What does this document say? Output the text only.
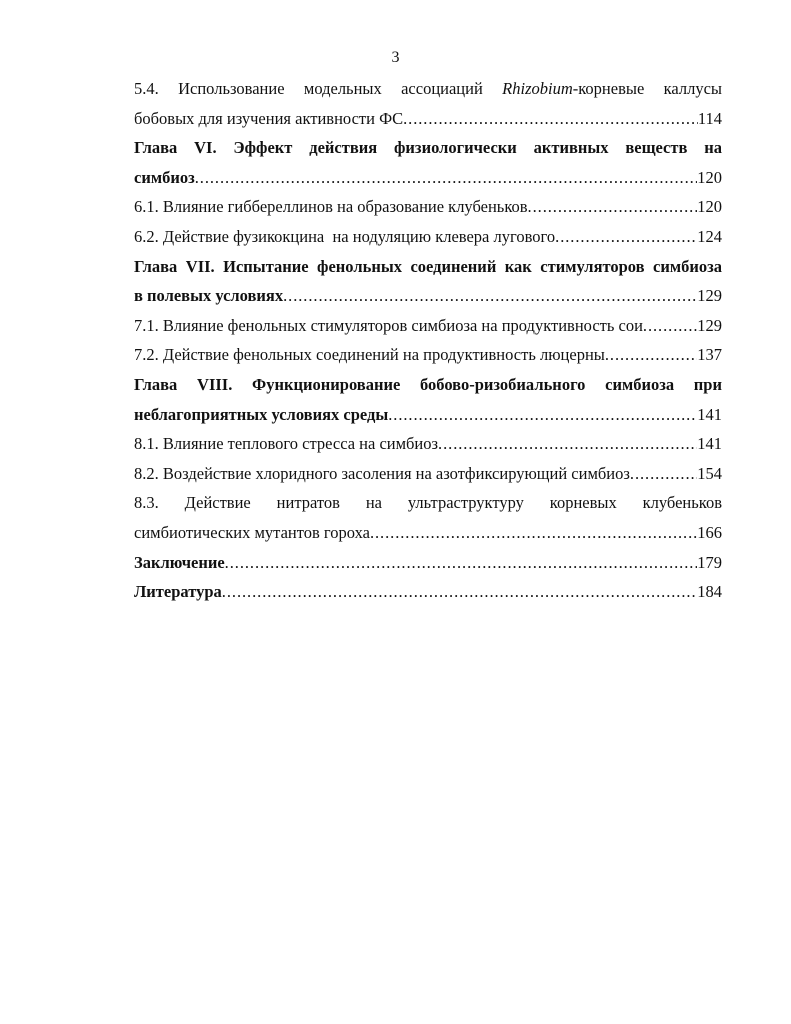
3
5.4. Использование модельных ассоциаций Rhizobium-корневые каллусы
бобовых для изучения активности ФС . . .	114
Глава VI. Эффект действия физиологически активных веществ на
симбиоз . . .	120
6.1. Влияние гиббереллинов на образование клубеньков . . .	120
6.2. Действие фузикокцина  на нодуляцию клевера лугового . . .	124
Глава VII. Испытание фенольных соединений как стимуляторов симбиоза
в полевых условиях . . .	129
7.1. Влияние фенольных стимуляторов симбиоза на продуктивность сои . . .	129
7.2. Действие фенольных соединений на продуктивность люцерны . . .	137
Глава VIII. Функционирование бобово-ризобиального симбиоза при
неблагоприятных условиях среды . . .	141
8.1. Влияние теплового стресса на симбиоз . . .	141
8.2. Воздействие хлоридного засоления на азотфиксирующий симбиоз . . .	154
8.3. Действие нитратов на ультраструктуру корневых клубеньков
симбиотических мутантов гороха . . .	166
Заключение . . .	179
Литература . . .	184
